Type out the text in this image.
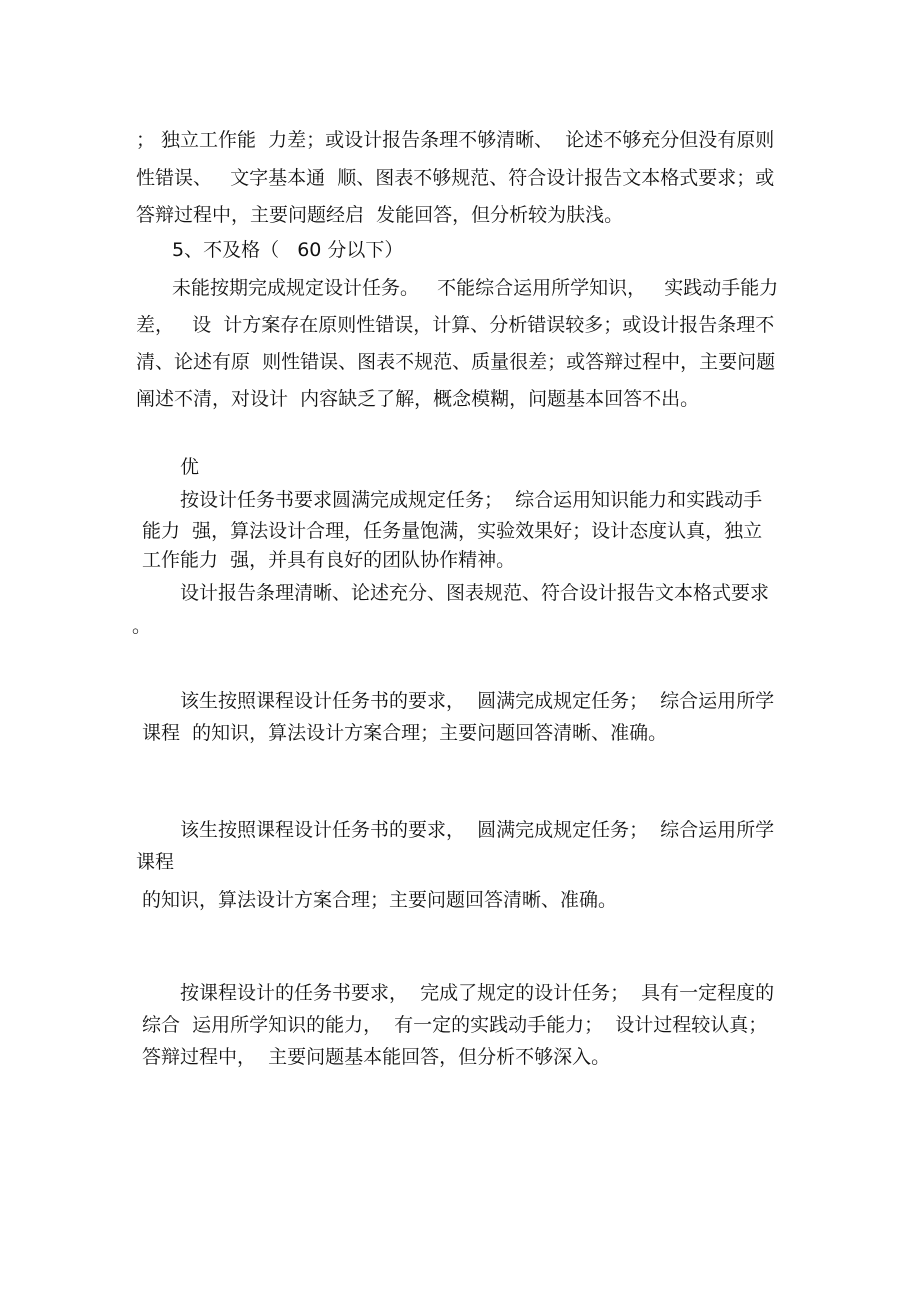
； 独立工作能  力差；或设计报告条理不够清晰、  论述不够充分但没有原则
性错误、   文字基本通  顺、图表不够规范、符合设计报告文本格式要求；或
答辩过程中，主要问题经启  发能回答，但分析较为肤浅。
5、不及格（   60 分以下）
未能按期完成规定设计任务。   不能综合运用所学知识，   实践动手能力
差，   设  计方案存在原则性错误，计算、分析错误较多；或设计报告条理不
清、论述有原  则性错误、图表不规范、质量很差；或答辩过程中，主要问题
阐述不清，对设计  内容缺乏了解，概念模糊，问题基本回答不出。
优
按设计任务书要求圆满完成规定任务；  综合运用知识能力和实践动手
能力  强，算法设计合理，任务量饱满，实验效果好；设计态度认真，独立
工作能力  强，并具有良好的团队协作精神。
设计报告条理清晰、论述充分、图表规范、符合设计报告文本格式要求
。
该生按照课程设计任务书的要求，  圆满完成规定任务；  综合运用所学
课程  的知识，算法设计方案合理；主要问题回答清晰、准确。
该生按照课程设计任务书的要求，  圆满完成规定任务；  综合运用所学
课程
的知识，算法设计方案合理；主要问题回答清晰、准确。
按课程设计的任务书要求，  完成了规定的设计任务；  具有一定程度的
综合  运用所学知识的能力，  有一定的实践动手能力；  设计过程较认真；
答辩过程中，  主要问题基本能回答，但分析不够深入。
